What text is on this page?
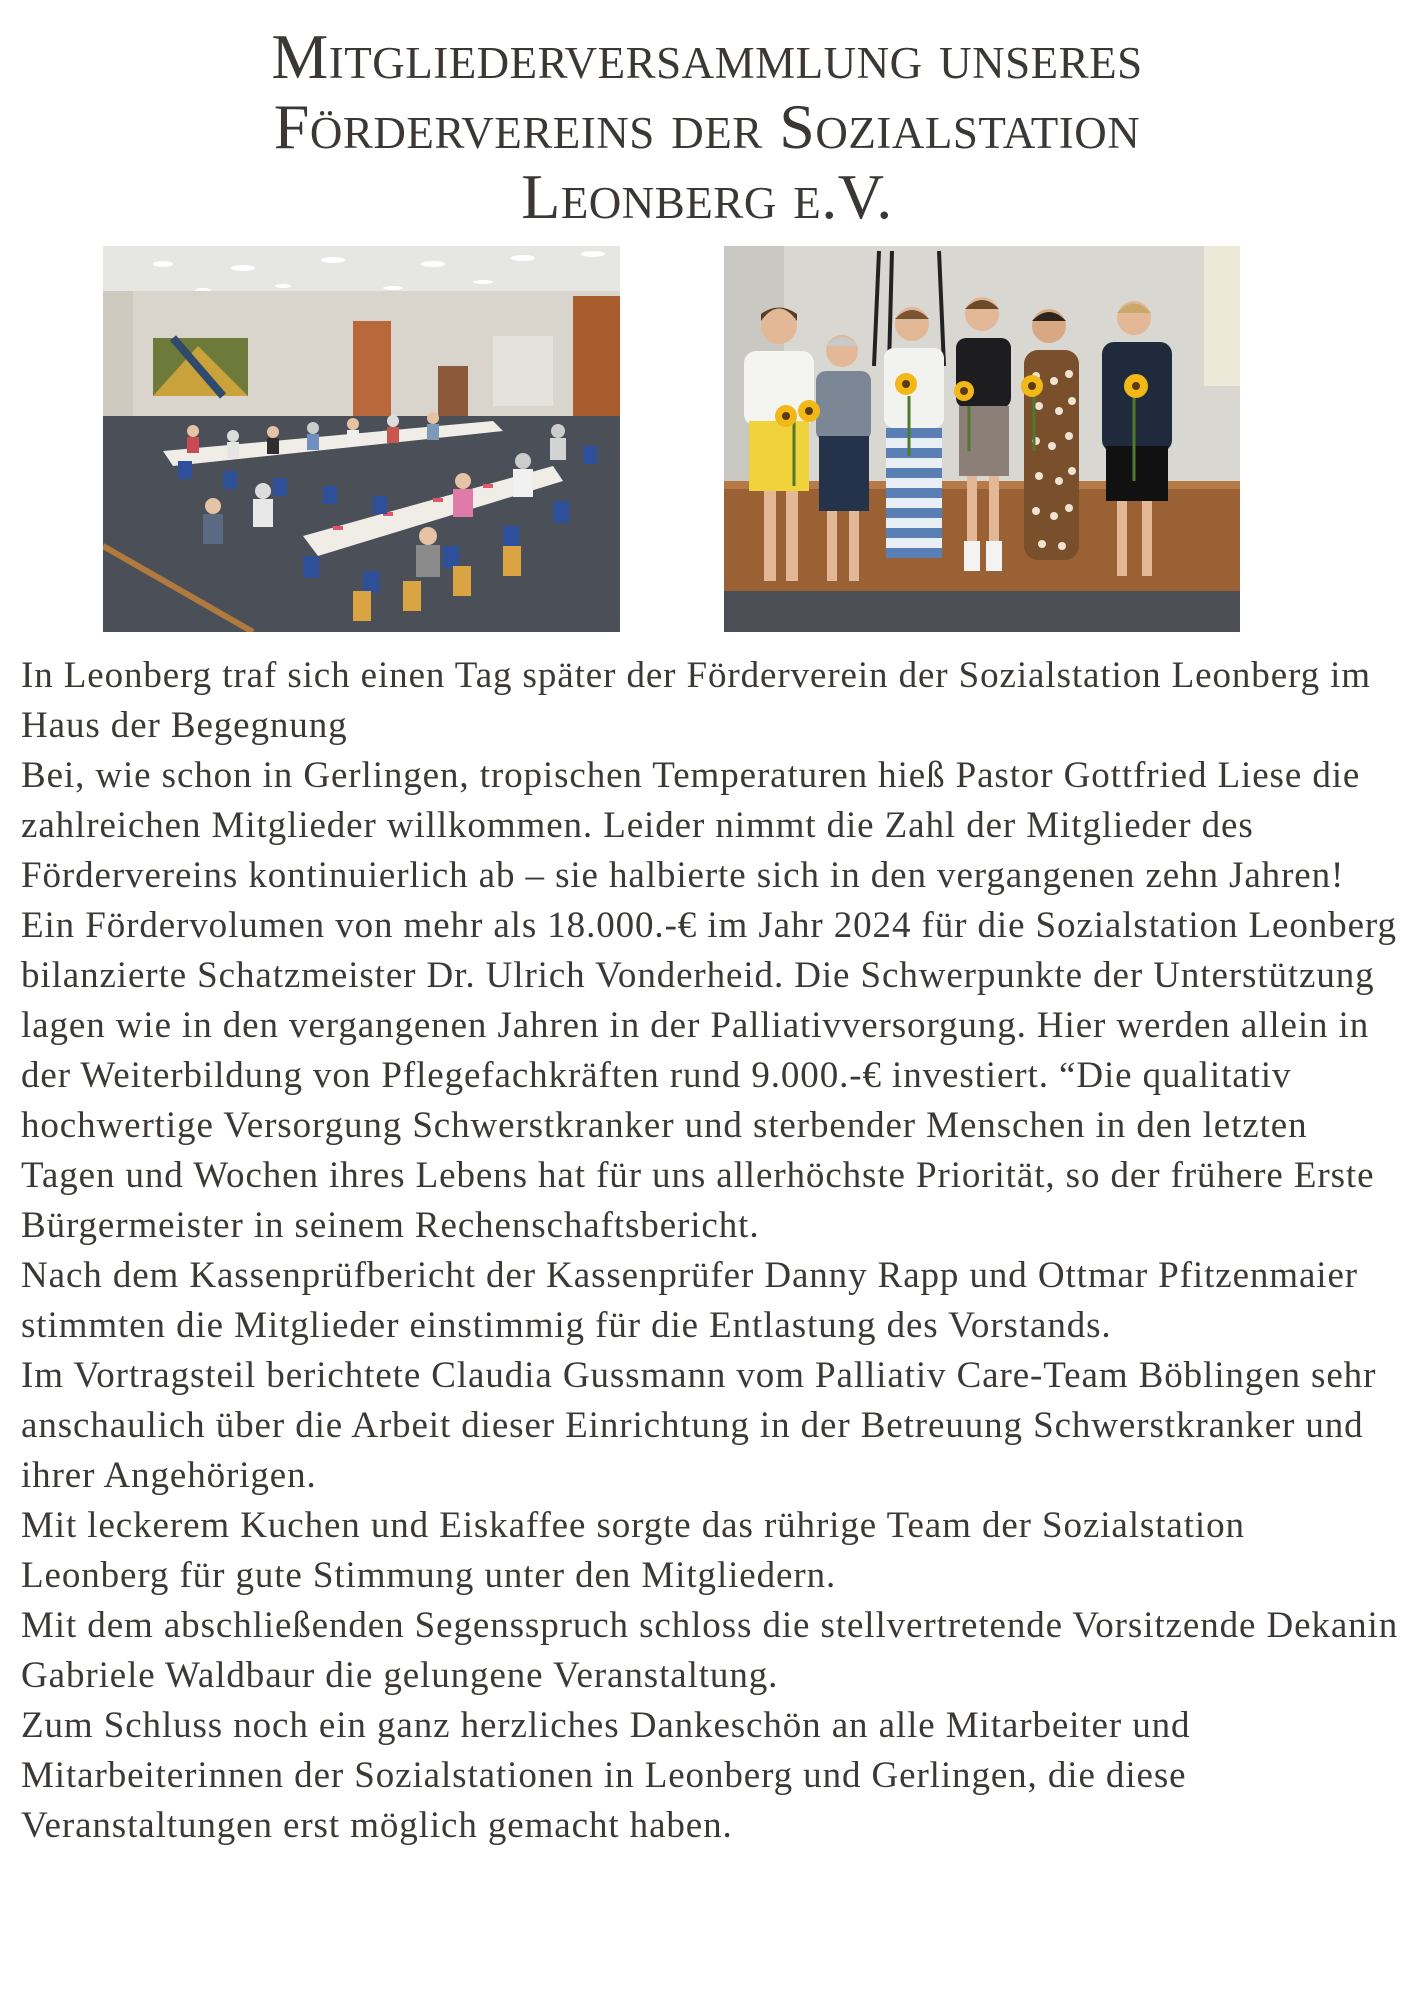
Mitgliederversammlung unseres
Fördervereins der Sozialstation
Leonberg e.V.

In Leonberg traf sich einen Tag später der Förderverein der Sozialstation Leonberg im Haus der Begegnung

Bei, wie schon in Gerlingen, tropischen Temperaturen hieß Pastor Gottfried Liese die zahlreichen Mitglieder willkommen. Leider nimmt die Zahl der Mitglieder des Fördervereins kontinuierlich ab – sie halbierte sich in den vergangenen zehn Jahren!

Ein Fördervolumen von mehr als 18.000.-€ im Jahr 2024 für die Sozialstation Leonberg bilanzierte Schatzmeister Dr. Ulrich Vonderheid. Die Schwerpunkte der Unterstützung lagen wie in den vergangenen Jahren in der Palliativversorgung. Hier werden allein in der Weiterbildung von Pflegefachkräften rund 9.000.-€ investiert. “Die qualitativ hochwertige Versorgung Schwerstkranker und sterbender Menschen in den letzten Tagen und Wochen ihres Lebens hat für uns allerhöchste Priorität, so der frühere Erste Bürgermeister in seinem Rechenschaftsbericht.

Nach dem Kassenprüfbericht der Kassenprüfer Danny Rapp und Ottmar Pfitzenmaier stimmten die Mitglieder einstimmig für die Entlastung des Vorstands.

Im Vortragsteil berichtete Claudia Gussmann vom Palliativ Care-Team Böblingen sehr anschaulich über die Arbeit dieser Einrichtung in der Betreuung Schwerstkranker und ihrer Angehörigen.

Mit leckerem Kuchen und Eiskaffee sorgte das rührige Team der Sozialstation Leonberg für gute Stimmung unter den Mitgliedern.

Mit dem abschließenden Segensspruch schloss die stellvertretende Vorsitzende Dekanin Gabriele Waldbaur die gelungene Veranstaltung.

Zum Schluss noch ein ganz herzliches Dankeschön an alle Mitarbeiter und Mitarbeiterinnen der Sozialstationen in Leonberg und Gerlingen, die diese Veranstaltungen erst möglich gemacht haben.
